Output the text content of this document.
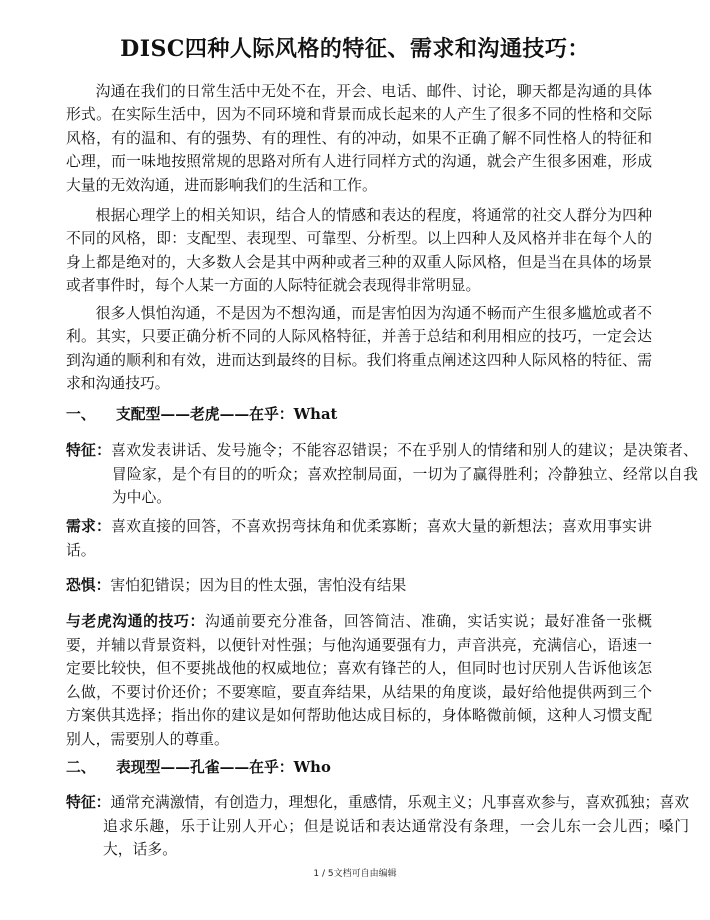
DISC四种人际风格的特征、需求和沟通技巧：

沟通在我们的日常生活中无处不在，开会、电话、邮件、讨论，聊天都是沟通的具体形式。在实际生活中，因为不同环境和背景而成长起来的人产生了很多不同的性格和交际风格，有的温和、有的强势、有的理性、有的冲动，如果不正确了解不同性格人的特征和心理，而一味地按照常规的思路对所有人进行同样方式的沟通，就会产生很多困难，形成大量的无效沟通，进而影响我们的生活和工作。

根据心理学上的相关知识，结合人的情感和表达的程度，将通常的社交人群分为四种不同的风格，即：支配型、表现型、可靠型、分析型。以上四种人及风格并非在每个人的身上都是绝对的，大多数人会是其中两种或者三种的双重人际风格，但是当在具体的场景或者事件时，每个人某一方面的人际特征就会表现得非常明显。

很多人惧怕沟通，不是因为不想沟通，而是害怕因为沟通不畅而产生很多尴尬或者不利。其实，只要正确分析不同的人际风格特征，并善于总结和利用相应的技巧，一定会达到沟通的顺利和有效，进而达到最终的目标。我们将重点阐述这四种人际风格的特征、需求和沟通技巧。

一、 支配型——老虎——在乎：What
特征：喜欢发表讲话、发号施令；不能容忍错误；不在乎别人的情绪和别人的建议；是决策者、冒险家，是个有目的的听众；喜欢控制局面，一切为了赢得胜利；冷静独立、经常以自我为中心。
需求：喜欢直接的回答，不喜欢拐弯抹角和优柔寡断；喜欢大量的新想法；喜欢用事实讲话。
恐惧：害怕犯错误；因为目的性太强，害怕没有结果
与老虎沟通的技巧：沟通前要充分准备，回答简洁、准确，实话实说；最好准备一张概要，并辅以背景资料，以便针对性强；与他沟通要强有力，声音洪亮，充满信心，语速一定要比较快，但不要挑战他的权威地位；喜欢有锋芒的人，但同时也讨厌别人告诉他该怎么做，不要讨价还价；不要寒暄，要直奔结果，从结果的角度谈，最好给他提供两到三个方案供其选择；指出你的建议是如何帮助他达成目标的，身体略微前倾，这种人习惯支配别人，需要别人的尊重。
二、 表现型——孔雀——在乎：Who
特征：通常充满激情，有创造力，理想化，重感情，乐观主义；凡事喜欢参与，喜欢孤独；喜欢追求乐趣，乐于让别人开心；但是说话和表达通常没有条理，一会儿东一会儿西；嗓门大，话多。
1 / 5文档可自由编辑
